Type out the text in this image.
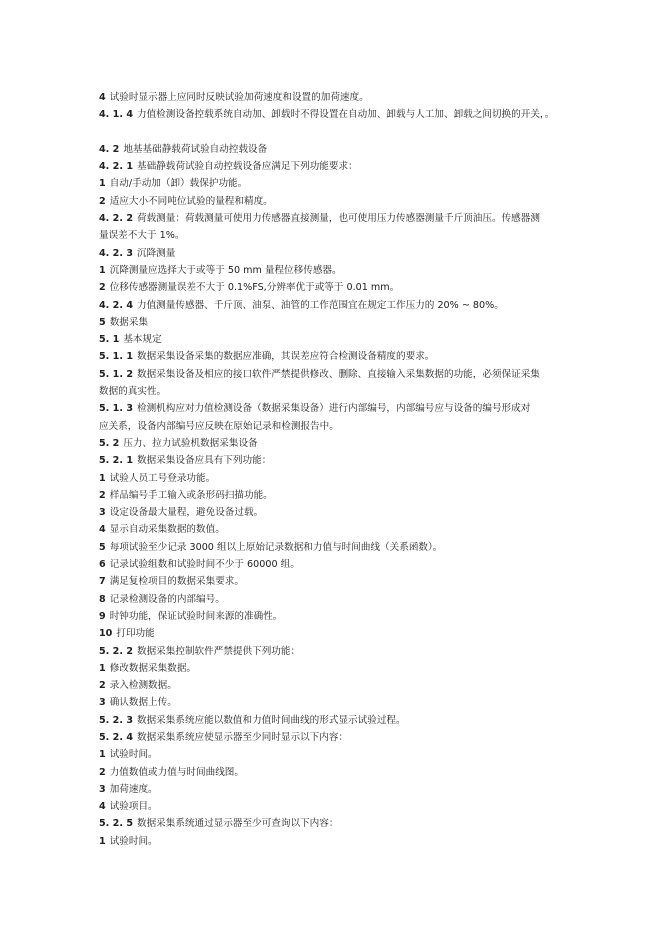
4 试验时显示器上应同时反映试验加荷速度和设置的加荷速度。
4. 1. 4 力值检测设备控载系统自动加、卸载时不得设置在自动加、卸载与人工加、卸载之间切换的开关，。
4. 2 地基基础静载荷试验自动控载设备
4. 2. 1 基础静载荷试验自动控载设备应满足下列功能要求：
1 自动/手动加（卸）载保护功能。
2 适应大小不同吨位试验的量程和精度。
4. 2. 2 荷载测量：荷载测量可使用力传感器直接测量，也可使用压力传感器测量千斤顶油压。传感器测
量误差不大于 1%。
4. 2. 3 沉降测量
1 沉降测量应选择大于或等于 50 mm 量程位移传感器。
2 位移传感器测量误差不大于 0.1%FS,分辨率优于或等于 0.01 mm。
4. 2. 4 力值测量传感器、千斤顶、油泵、油管的工作范围宜在规定工作压力的 20% ~ 80%。
5 数据采集
5. 1 基本规定
5. 1. 1 数据采集设备采集的数据应准确，其误差应符合检测设备精度的要求。
5. 1. 2 数据采集设备及相应的接口软件严禁提供修改、删除、直接输入采集数据的功能，必须保证采集
数据的真实性。
5. 1. 3 检测机构应对力值检测设备（数据采集设备）进行内部编号，内部编号应与设备的编号形成对
应关系，设备内部编号应反映在原始记录和检测报告中。
5. 2 压力、拉力试验机数据采集设备
5. 2. 1 数据采集设备应具有下列功能：
1 试验人员工号登录功能。
2 样品编号手工输入或条形码扫描功能。
3 设定设备最大量程，避免设备过载。
4 显示自动采集数据的数值。
5 每项试验至少记录 3000 组以上原始记录数据和力值与时间曲线（关系函数）。
6 记录试验组数和试验时间不少于 60000 组。
7 满足复检项目的数据采集要求。
8 记录检测设备的内部编号。
9 时钟功能，保证试验时间来源的准确性。
10 打印功能
5. 2. 2 数据采集控制软件严禁提供下列功能：
1 修改数据采集数据。
2 录入检测数据。
3 确认数据上传。
5. 2. 3 数据采集系统应能以数值和力值时间曲线的形式显示试验过程。
5. 2. 4 数据采集系统应使显示器至少同时显示以下内容：
1 试验时间。
2 力值数值或力值与时间曲线图。
3 加荷速度。
4 试验项目。
5. 2. 5 数据采集系统通过显示器至少可查询以下内容：
1 试验时间。
